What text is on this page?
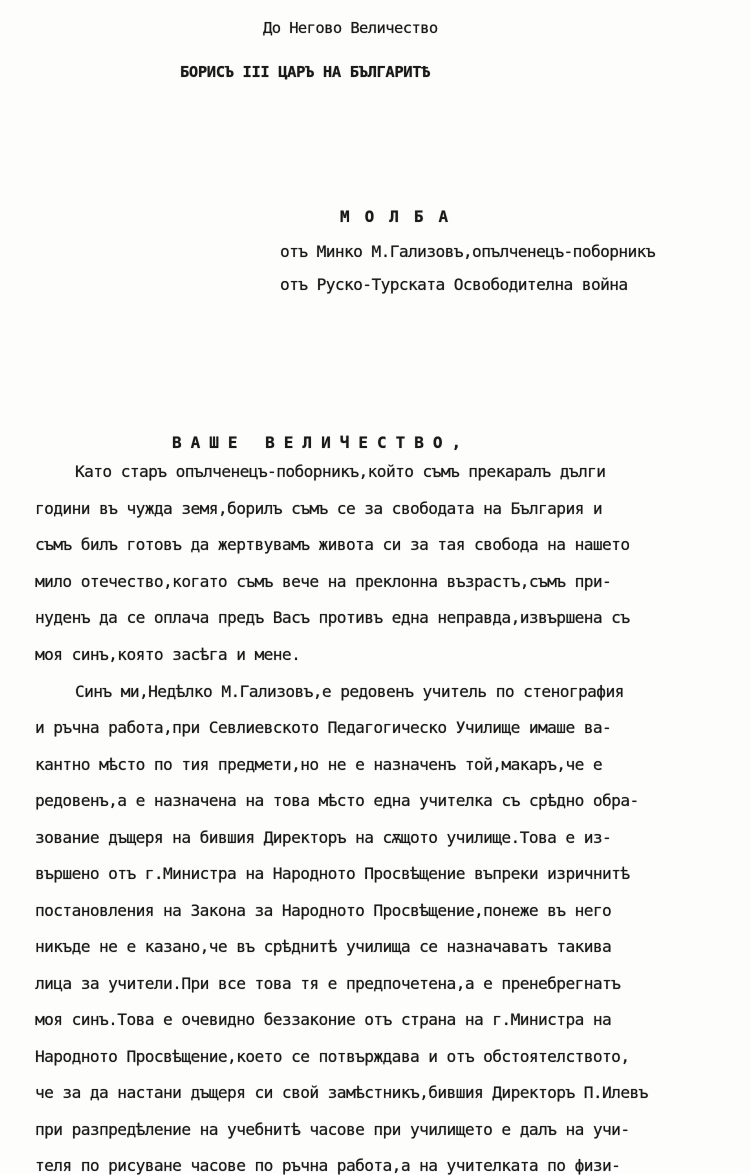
До Негово Величество
БОРИСЪ III ЦАРЪ НА БЪЛГАРИТѢ
МОЛБА
отъ Минко М.Гализовъ,опълченецъ-поборникъ
отъ Руско-Турската Освободителна война
ВАШЕ ВЕЛИЧЕСТВО,
Като старъ опълченецъ-поборникъ,който съмъ прекаралъ дълги
години въ чужда земя,борилъ съмъ се за свободата на България и
съмъ билъ готовъ да жертвувамъ живота си за тая свобода на нашето
мило отечество,когато съмъ вече на преклонна възрастъ,съмъ при-
нуденъ да се оплача предъ Васъ противъ една неправда,извършена съ
моя синъ,която засѣга и мене.
Синъ ми,Недѣлко М.Гализовъ,е редовенъ учитель по стенография
и ръчна работа,при Севлиевското Педагогическо Училище имаше ва-
кантно мѣсто по тия предмети,но не е назначенъ той,макаръ,че е
редовенъ,а е назначена на това мѣсто една учителка съ срѣдно обра-
зование дъщеря на бившия Директоръ на сѫщото училище.Това е из-
вършено отъ г.Министра на Народното Просвѣщение въпреки изричнитѣ
постановления на Закона за Народното Просвѣщение,понеже въ него
никъде не е казано,че въ срѣднитѣ училища се назначаватъ такива
лица за учители.При все това тя е предпочетена,а е пренебрегнатъ
моя синъ.Това е очевидно беззаконие отъ страна на г.Министра на
Народното Просвѣщение,което се потвърждава и отъ обстоятелството,
че за да настани дъщеря си свой замѣстникъ,бившия Директоръ П.Илевъ
при разпредѣление на учебнитѣ часове при училището е далъ на учи-
теля по рисуване часове по ръчна работа,а на учителката по физи-
